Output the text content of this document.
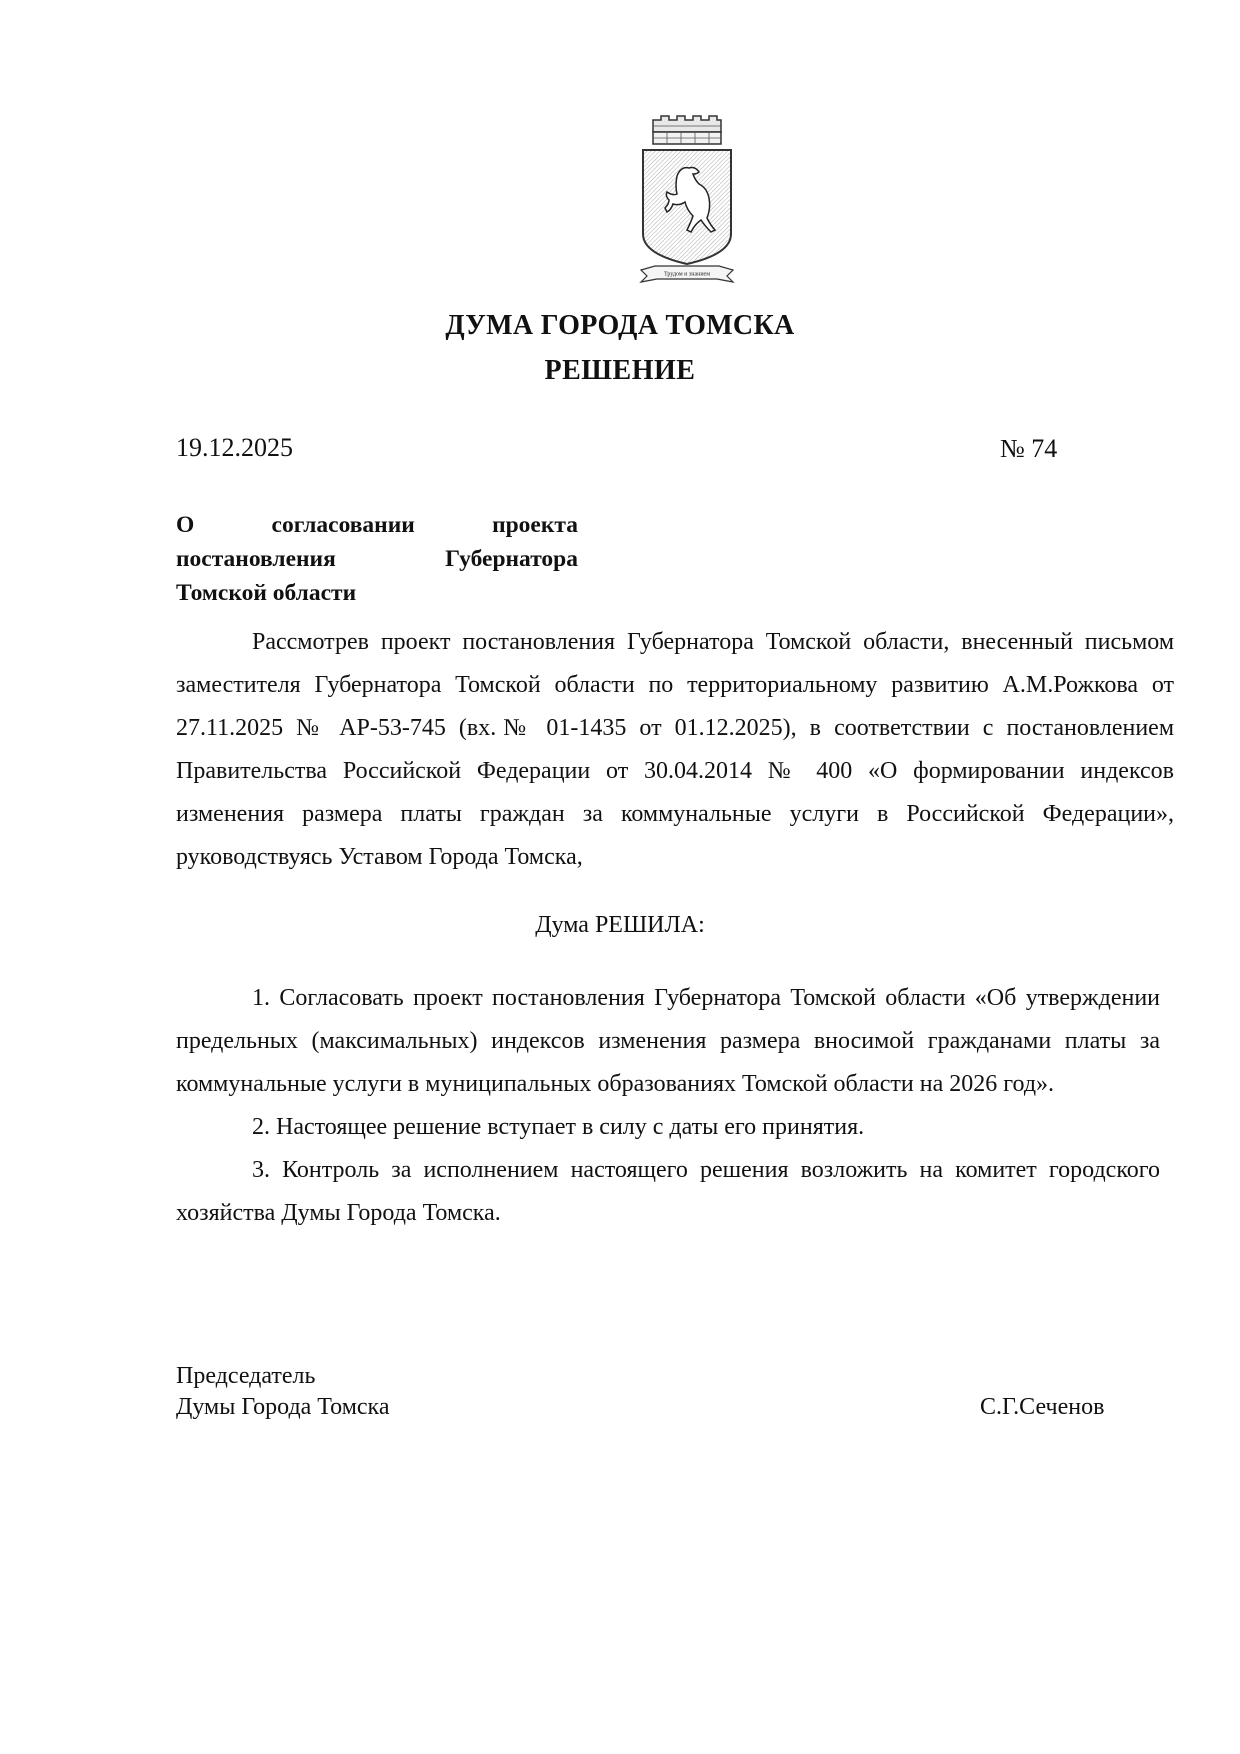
Трудом и знанием
ДУМА ГОРОДА ТОМСКА
РЕШЕНИЕ
19.12.2025	№ 74
О согласовании проекта
постановления Губернатора
Томской области

Рассмотрев проект постановления Губернатора Томской области, внесенный письмом заместителя Губернатора Томской области по территориальному развитию А.М.Рожкова от 27.11.2025 № АР-53-745 (вх.№ 01-1435 от 01.12.2025), в соответствии с постановлением Правительства Российской Федерации от 30.04.2014 № 400 «О формировании индексов изменения размера платы граждан за коммунальные услуги в Российской Федерации», руководствуясь Уставом Города Томска,

Дума РЕШИЛА:

1. Согласовать проект постановления Губернатора Томской области «Об утверждении предельных (максимальных) индексов изменения размера вносимой гражданами платы за коммунальные услуги в муниципальных образованиях Томской области на 2026 год».

2. Настоящее решение вступает в силу с даты его принятия.

3. Контроль за исполнением настоящего решения возложить на комитет городского хозяйства Думы Города Томска.

Председатель
Думы Города Томска	С.Г.Сеченов
